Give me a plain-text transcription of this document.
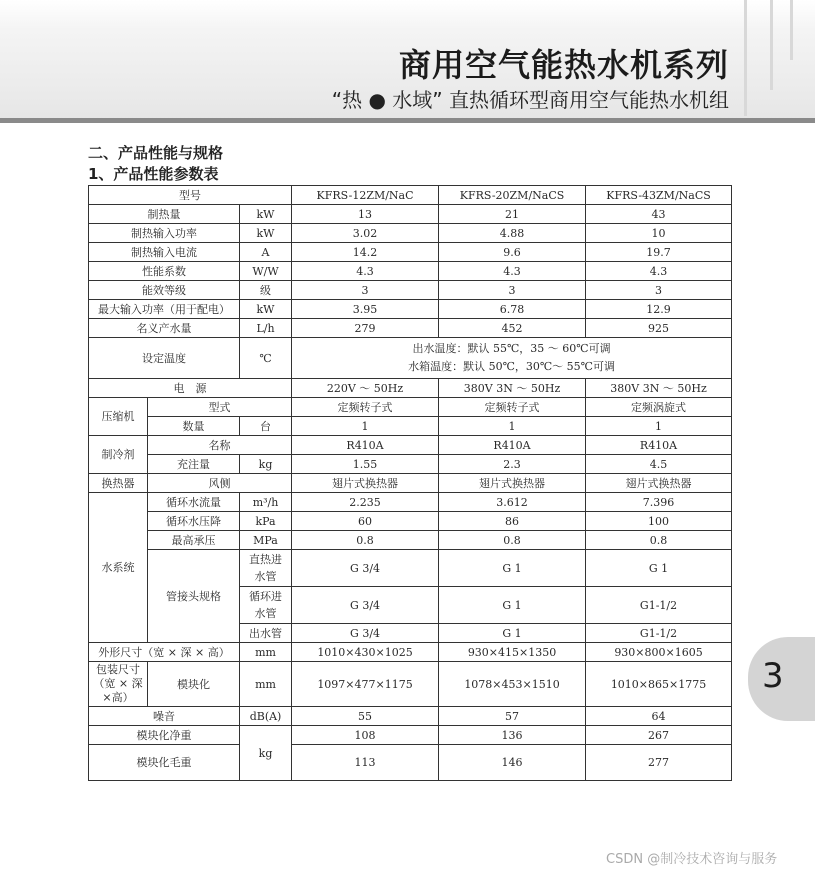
商用空气能热水机系列
“热 ● 水域” 直热循环型商用空气能热水机组
二、产品性能与规格
1、产品性能参数表
型号			KFRS-12ZM/NaC	KFRS-20ZM/NaCS	KFRS-43ZM/NaCS
制热量		kW	13	21	43
制热输入功率		kW	3.02	4.88	10
制热输入电流		A	14.2	9.6	19.7
性能系数		W/W	4.3	4.3	4.3
能效等级		级	3	3	3
最大输入功率（用于配电）		kW	3.95	6.78	12.9
名义产水量		L/h	279	452	925
设定温度		℃	出水温度：默认 55℃，35 ～ 60℃可调
水箱温度：默认 50℃，30℃～ 55℃可调		

电　源			220V ～ 50Hz	380V 3N ～ 50Hz	380V 3N ～ 50Hz
压缩机	型式		定频转子式	定频转子式	定频涡旋式
	数量	台	1	1	1
制冷剂	名称		R410A	R410A	R410A
	充注量	kg	1.55	2.3	4.5
换热器	风侧		翅片式换热器	翅片式换热器	翅片式换热器
水系统	循环水流量	m³/h	2.235	3.612	7.396
	循环水压降	kPa	60	86	100
	最高承压	MPa	0.8	0.8	0.8
	管接头规格	直热进水管	G 3/4	G 1	G 1
		循环进水管	G 3/4	G 1	G1-1/2
		出水管	G 3/4	G 1	G1-1/2
外形尺寸（宽 × 深 × 高）		mm	1010×430×1025	930×415×1350	930×800×1605
包装尺寸（宽 × 深×高）	模块化	mm	1097×477×1175	1078×453×1510	1010×865×1775
噪音		dB(A)	55	57	64
模块化净重		kg	108	136	267
模块化毛重			113	146	277
3
CSDN @制冷技术咨询与服务
